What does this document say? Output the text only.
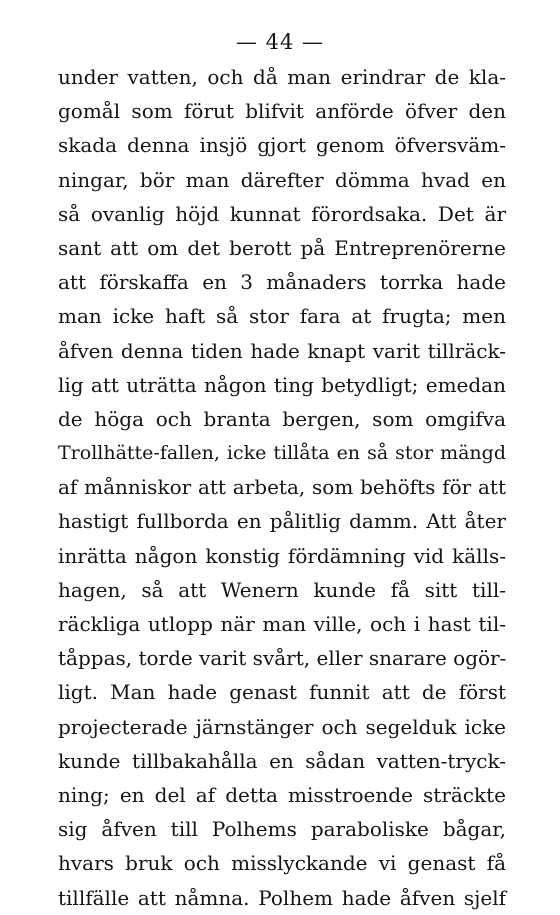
— 44 —
under vatten, och då man erindrar de kla-
gomål som förut blifvit anförde öfver den
skada denna insjö gjort genom öfversväm-
ningar, bör man därefter dömma hvad en
så ovanlig höjd kunnat förordsaka. Det är
sant att om det berott på Entreprenörerne
att förskaffa en 3 månaders torrka hade
man icke haft så stor fara at frugta; men
åfven denna tiden hade knapt varit tillräck-
lig att uträtta någon ting betydligt; emedan
de höga och branta bergen, som omgifva
Trollhätte-fallen, icke tillåta en så stor mängd
af månniskor att arbeta, som behöfts för att
hastigt fullborda en pålitlig damm. Att åter
inrätta någon konstig fördämning vid källs-
hagen, så att Wenern kunde få sitt till-
räckliga utlopp när man ville, och i hast til-
tåppas, torde varit svårt, eller snarare ogör-
ligt. Man hade genast funnit att de först
projecterade järnstänger och segelduk icke
kunde tillbakahålla en sådan vatten-tryck-
ning; en del af detta misstroende sträckte
sig åfven till Polhems paraboliske bågar,
hvars bruk och misslyckande vi genast få
tillfälle att nåmna. Polhem hade åfven sjelf
